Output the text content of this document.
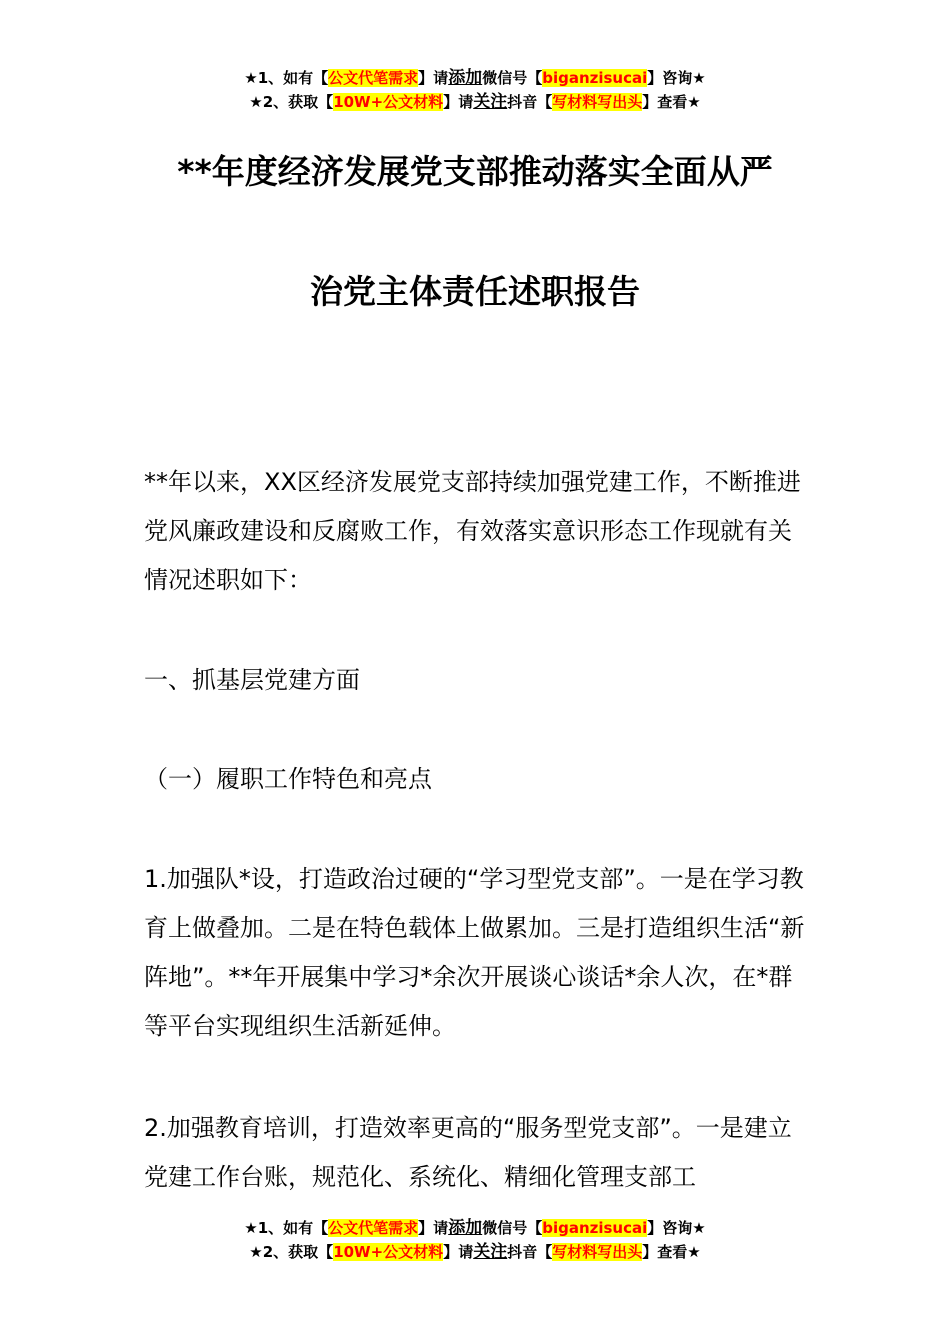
★1、如有【公文代笔需求】请添加微信号【biganzisucai】咨询★
★2、获取【10W+公文材料】请关注抖音【写材料写出头】查看★
**年度经济发展党支部推动落实全面从严
治党主体责任述职报告

**年以来，XX区经济发展党支部持续加强党建工作，不断推进党风廉政建设和反腐败工作，有效落实意识形态工作现就有关情况述职如下：

一、抓基层党建方面

（一）履职工作特色和亮点

1.加强队*设，打造政治过硬的“学习型党支部”。一是在学习教育上做叠加。二是在特色载体上做累加。三是打造组织生活“新阵地”。**年开展集中学习*余次开展谈心谈话*余人次，在*群等平台实现组织生活新延伸。

2.加强教育培训，打造效率更高的“服务型党支部”。一是建立党建工作台账，规范化、系统化、精细化管理支部工

★1、如有【公文代笔需求】请添加微信号【biganzisucai】咨询★
★2、获取【10W+公文材料】请关注抖音【写材料写出头】查看★
